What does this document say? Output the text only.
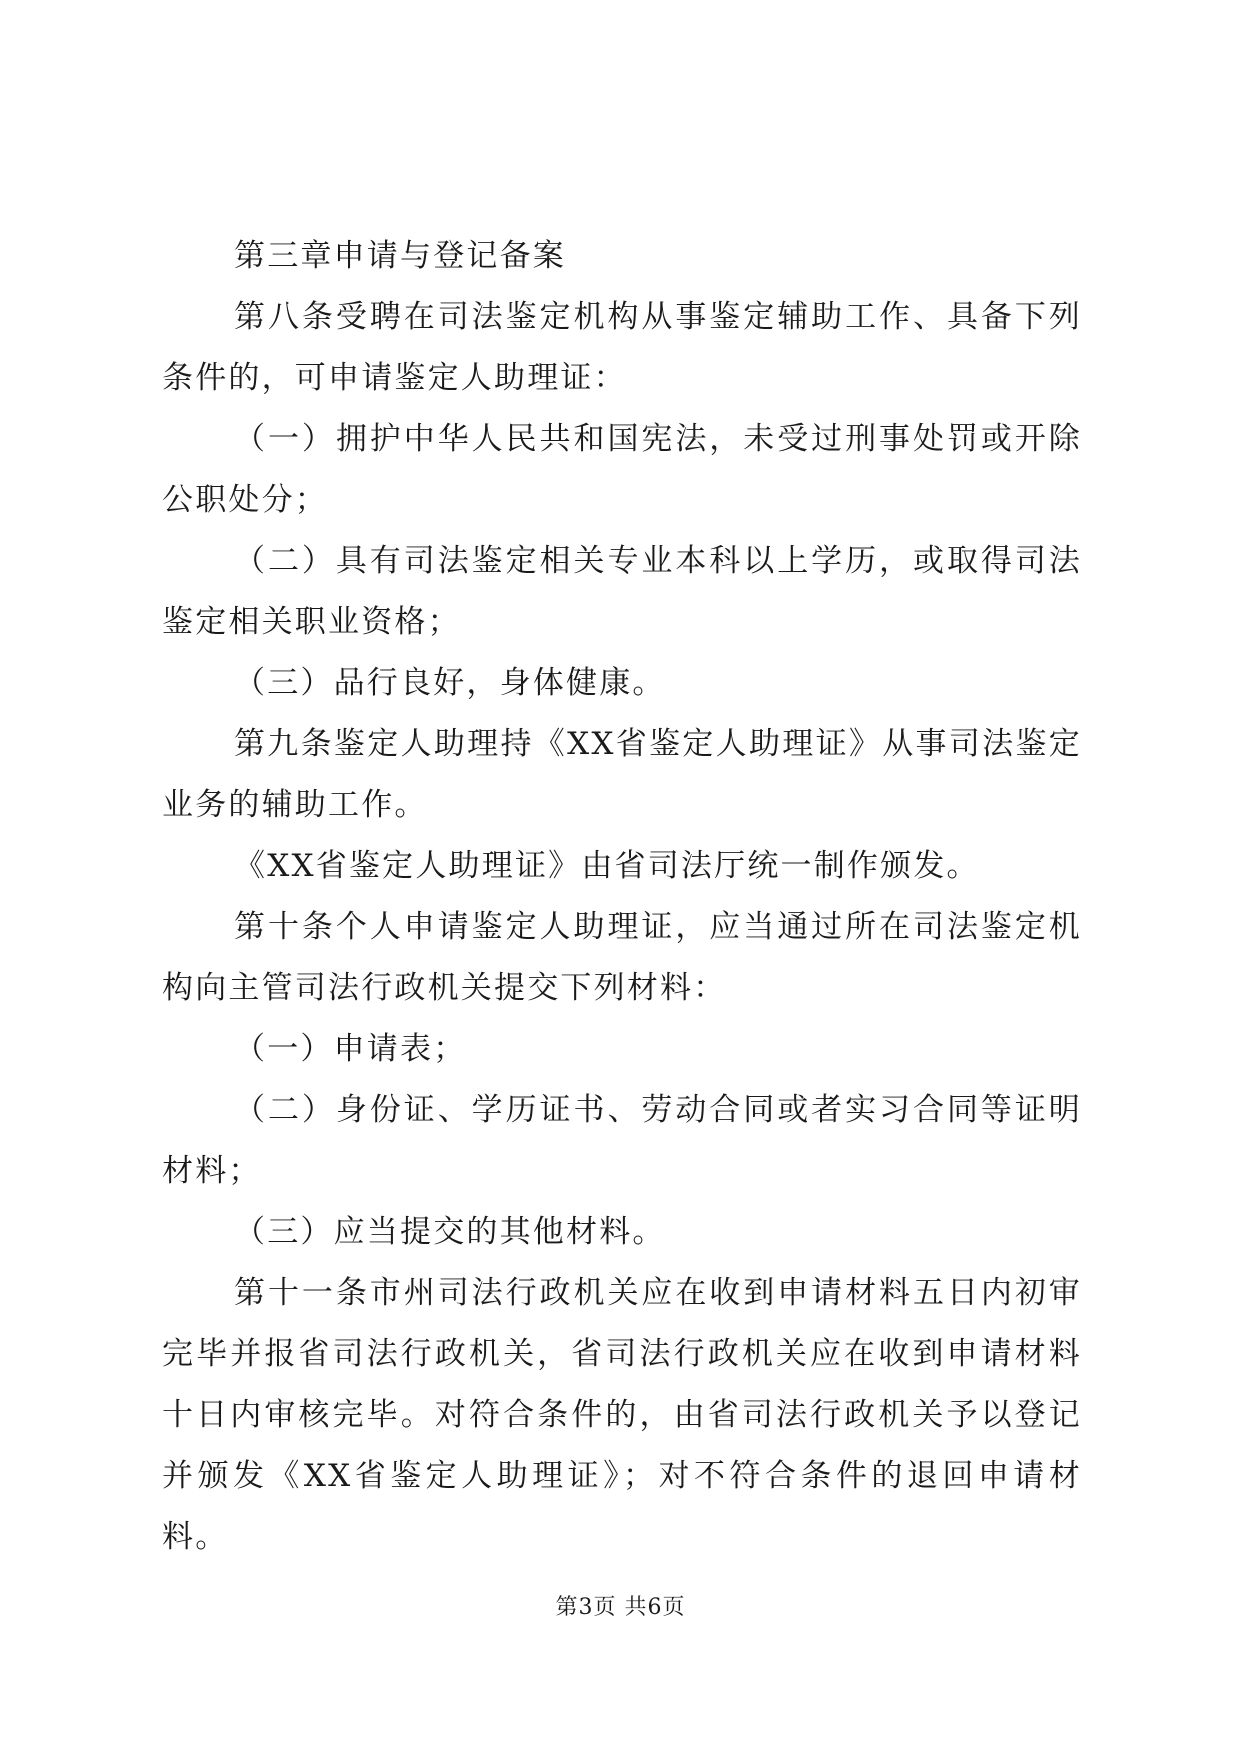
第三章申请与登记备案

第八条受聘在司法鉴定机构从事鉴定辅助工作、具备下列条件的，可申请鉴定人助理证：

（一）拥护中华人民共和国宪法，未受过刑事处罚或开除公职处分；

（二）具有司法鉴定相关专业本科以上学历，或取得司法鉴定相关职业资格；

（三）品行良好，身体健康。

第九条鉴定人助理持《XX省鉴定人助理证》从事司法鉴定业务的辅助工作。

《XX省鉴定人助理证》由省司法厅统一制作颁发。

第十条个人申请鉴定人助理证，应当通过所在司法鉴定机构向主管司法行政机关提交下列材料：

（一）申请表；

（二）身份证、学历证书、劳动合同或者实习合同等证明材料；

（三）应当提交的其他材料。

第十一条市州司法行政机关应在收到申请材料五日内初审完毕并报省司法行政机关，省司法行政机关应在收到申请材料十日内审核完毕。对符合条件的，由省司法行政机关予以登记并颁发《XX省鉴定人助理证》；对不符合条件的退回申请材料。

第3页 共6页
